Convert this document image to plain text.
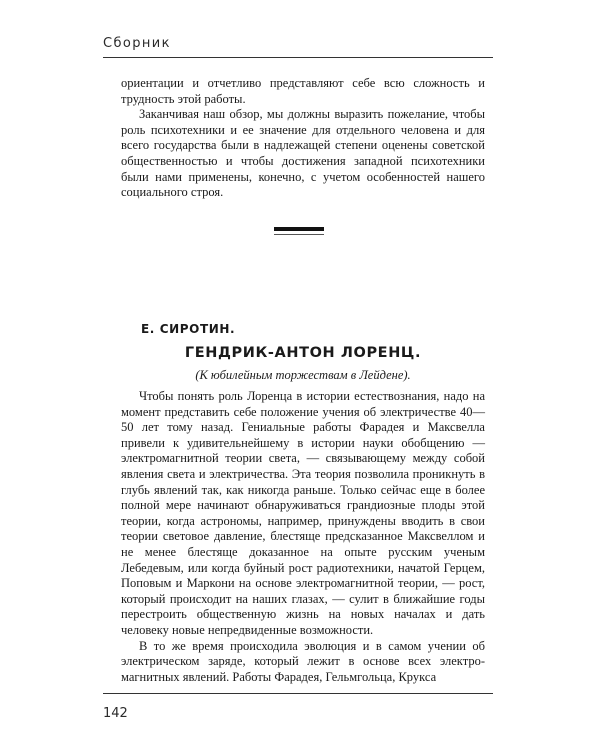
Сборник

ориентации и отчетливо представляют себе всю сложность и трудность этой работы.

Заканчивая наш обзор, мы должны выразить пожелание, чтобы роль психотехники и ее значение для отдельного человена и для всего государства были в надлежащей степени оценены советской общественностью и чтобы достижения западной психотехники были нами применены, конечно, с учетом особенностей нашего социального строя.

Е. СИРОТИН.
ГЕНДРИК-АНТОН ЛОРЕНЦ.
(К юбилейным торжествам в Лейдене).

Чтобы понять роль Лоренца в истории естествознания, надо на момент представить себе положение учения об электричестве 40—50 лет тому назад. Гениальные работы Фарадея и Максвелла привели к удивительнейшему в истории науки обобщению — электромагнитной теории света, — связывающему между собой явления света и электричества. Эта теория позволила проникнуть в глубь явлений так, как никогда раньше. Только сейчас еще в более полной мере начинают обнаруживаться грандиозные плоды этой теории, когда астрономы, например, принуждены вводить в свои теории световое давление, блестяще предсказанное Максвеллом и не менее блестяще доказанное на опыте русским ученым Лебедевым, или когда буйный рост радиотехники, начатой Герцем, Поповым и Маркони на основе электромагнитной теории, — рост, который происходит на наших глазах, — сулит в ближайшие годы перестроить общественную жизнь на новых началах и дать человеку новые непредвиденные возможности.

В то же время происходила эволюция и в самом учении об электрическом заряде, который лежит в основе всех электромагнитных явлений. Работы Фарадея, Гельмгольца, Крукса

142
